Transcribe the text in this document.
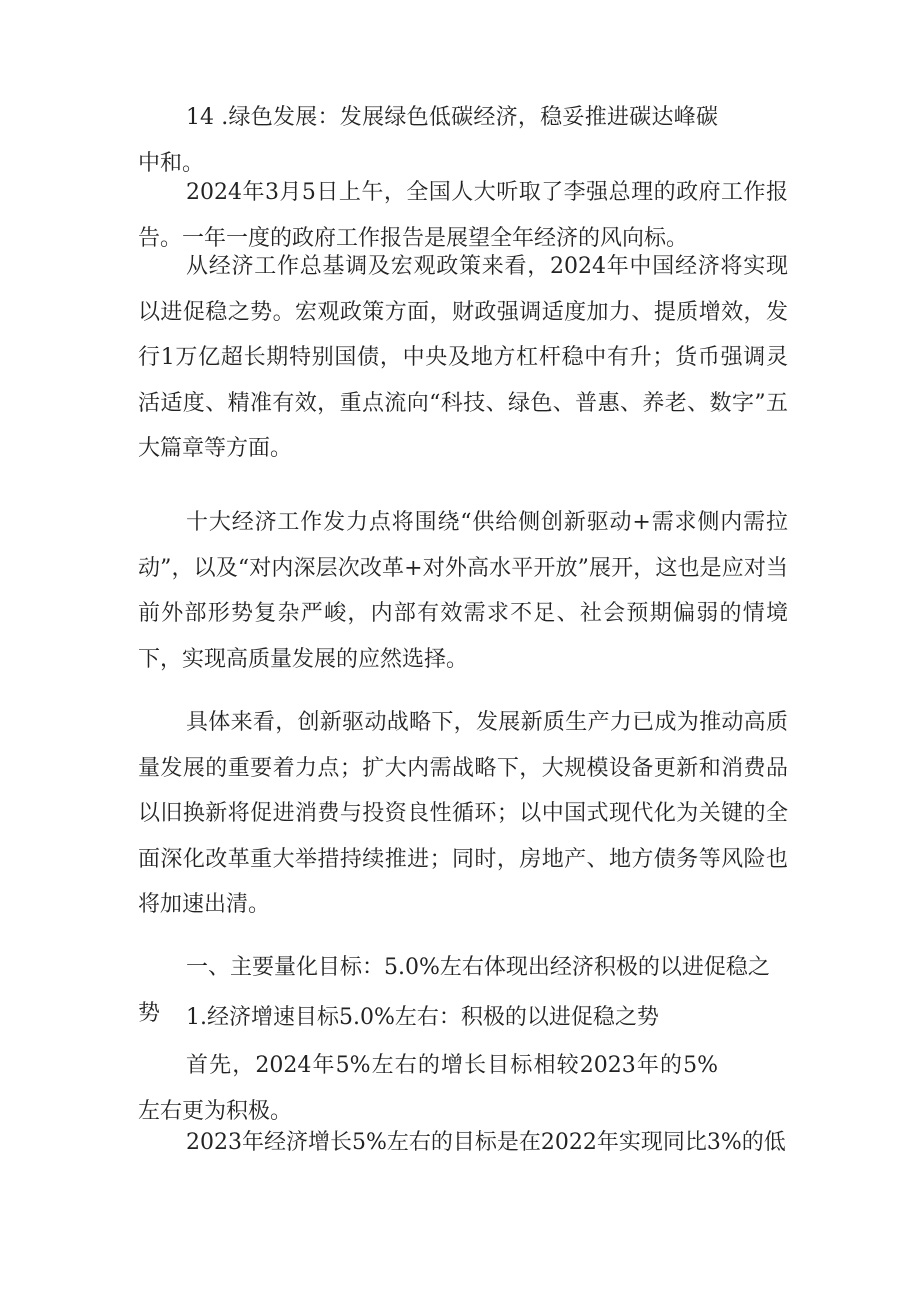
14 .绿色发展：发展绿色低碳经济，稳妥推进碳达峰碳中和。

2024年3月5日上午，全国人大听取了李强总理的政府工作报告。一年一度的政府工作报告是展望全年经济的风向标。

从经济工作总基调及宏观政策来看，2024年中国经济将实现以进促稳之势。宏观政策方面，财政强调适度加力、提质增效，发行1万亿超长期特别国债，中央及地方杠杆稳中有升；货币强调灵活适度、精准有效，重点流向“科技、绿色、普惠、养老、数字”五大篇章等方面。

十大经济工作发力点将围绕“供给侧创新驱动+需求侧内需拉动”，以及“对内深层次改革+对外高水平开放”展开，这也是应对当前外部形势复杂严峻，内部有效需求不足、社会预期偏弱的情境下，实现高质量发展的应然选择。

具体来看，创新驱动战略下，发展新质生产力已成为推动高质量发展的重要着力点；扩大内需战略下，大规模设备更新和消费品以旧换新将促进消费与投资良性循环；以中国式现代化为关键的全面深化改革重大举措持续推进；同时，房地产、地方债务等风险也将加速出清。

一、主要量化目标：5.0%左右体现出经济积极的以进促稳之势	1.经济增速目标5.0%左右：积极的以进促稳之势

首先，2024年5%左右的增长目标相较2023年的5%左右更为积极。

2023年经济增长5%左右的目标是在2022年实现同比3%的低
